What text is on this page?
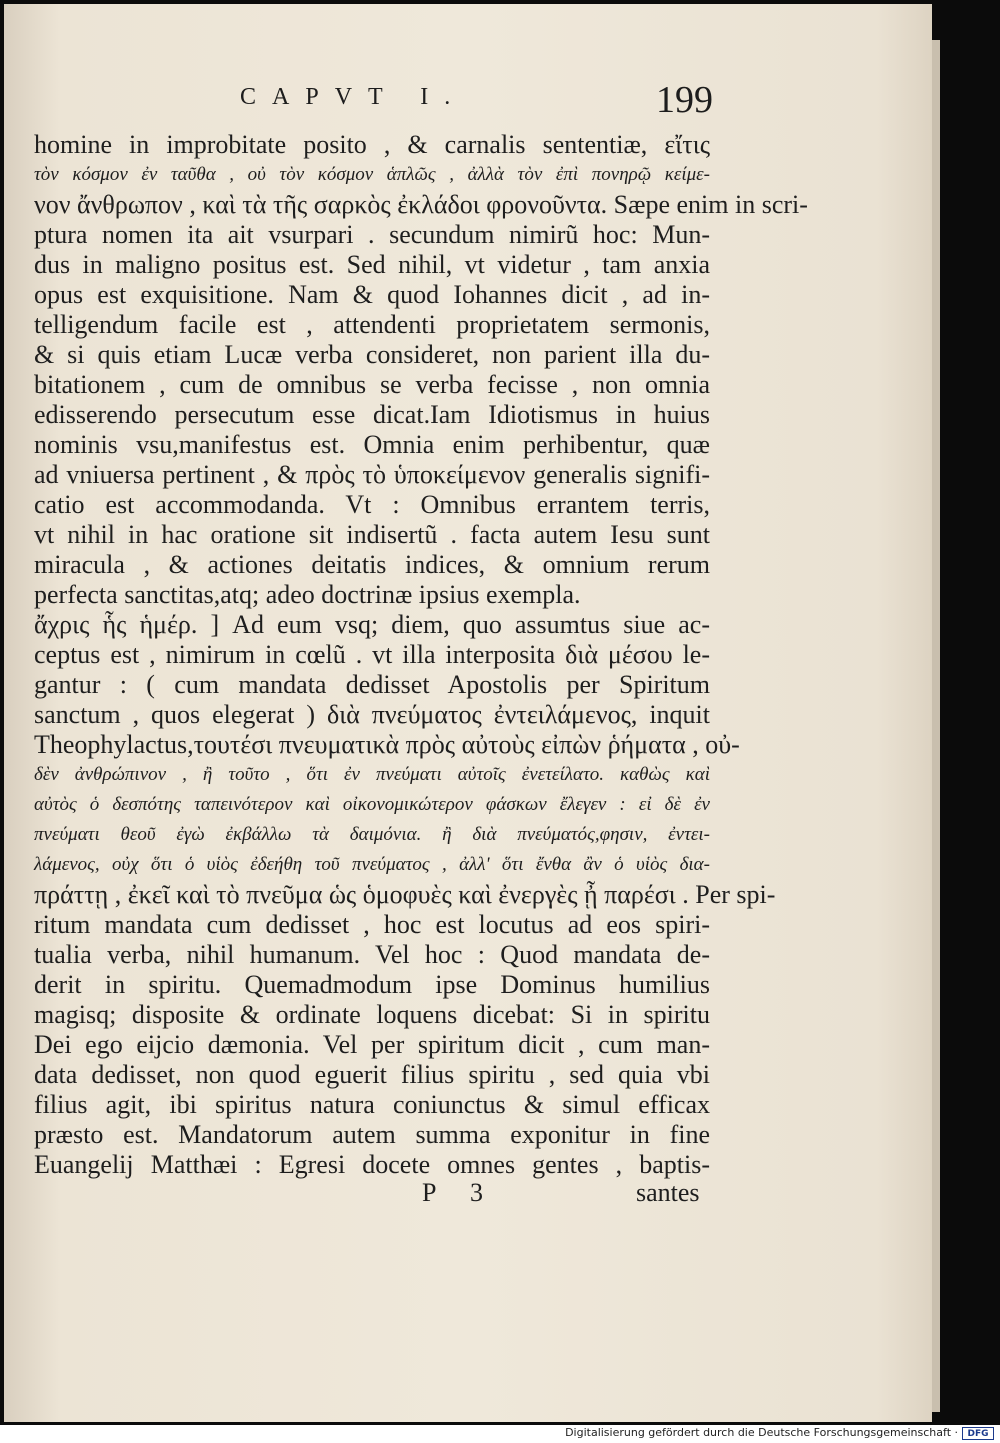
CAPVT I.	199

homine in improbitate posito , & carnalis sententiæ, εἴτις
τὸν κόσμον ἐν ταῦθα , οὐ τὸν κόσμον ἁπλῶς , ἀλλὰ τὸν ἐπὶ πονηρῷ κείμε-
νον ἄνθρωπον , καὶ τὰ τῆς σαρκὸς ἐκλάδοι φρονοῦντα. Sæpe enim in scri-
ptura nomen ita ait vsurpari . secundum nimirũ hoc: Mun-
dus in maligno positus est. Sed nihil, vt videtur , tam anxia
opus est exquisitione. Nam & quod Iohannes dicit , ad in-
telligendum facile est , attendenti proprietatem sermonis,
& si quis etiam Lucæ verba consideret, non parient illa du-
bitationem , cum de omnibus se verba fecisse , non omnia
edisserendo persecutum esse dicat.Iam Idiotismus in huius
nominis vsu,manifestus est. Omnia enim perhibentur, quæ
ad vniuersa pertinent , & πρὸς τὸ ὑποκείμενον generalis signifi-
catio est accommodanda. Vt : Omnibus errantem terris,
vt nihil in hac oratione sit indisertũ . facta autem Iesu sunt
miracula , & actiones deitatis indices, & omnium rerum
perfecta sanctitas,atq; adeo doctrinæ ipsius exempla.
ἄχρις ἧς ἡμέρ. ] Ad eum vsq; diem, quo assumtus siue ac-
ceptus est , nimirum in cœlũ . vt illa interposita διὰ μέσου le-
gantur : ( cum mandata dedisset Apostolis per Spiritum
sanctum , quos elegerat ) διὰ πνεύματος ἐντειλάμενος, inquit
Theophylactus,τουτέσι πνευματικὰ πρὸς αὐτοὺς εἰπὼν ῥήματα , οὐ-
δὲν ἀνθρώπινον , ἢ τοῦτο , ὅτι ἐν πνεύματι αὐτοῖς ἐνετείλατο. καθὼς καὶ
αὐτὸς ὁ δεσπότης ταπεινότερον καὶ οἰκονομικώτερον φάσκων ἔλεγεν : εἰ δὲ ἐν
πνεύματι θεοῦ ἐγὼ ἐκβάλλω τὰ δαιμόνια. ἢ διὰ πνεύματός,φησιν, ἐντει-
λάμενος, οὐχ ὅτι ὁ υἱὸς ἐδεήθη τοῦ πνεύματος , ἀλλ' ὅτι ἔνθα ἂν ὁ υἱὸς δια-
πράττῃ , ἐκεῖ καὶ τὸ πνεῦμα ὡς ὁμοφυὲς καὶ ἐνεργὲς ᾖ παρέσι . Per spi-
ritum mandata cum dedisset , hoc est locutus ad eos spiri-
tualia verba, nihil humanum. Vel hoc : Quod mandata de-
derit in spiritu. Quemadmodum ipse Dominus humilius
magisq; disposite & ordinate loquens dicebat: Si in spiritu
Dei ego eijcio dæmonia. Vel per spiritum dicit , cum man-
data dedisset, non quod eguerit filius spiritu , sed quia vbi
filius agit, ibi spiritus natura coniunctus & simul efficax
præsto est. Mandatorum autem summa exponitur in fine
Euangelij Matthæi : Egresi docete omnes gentes , baptis-

P 3	santes

Digitalisierung gefördert durch die Deutsche Forschungsgemeinschaft ·	DFG
